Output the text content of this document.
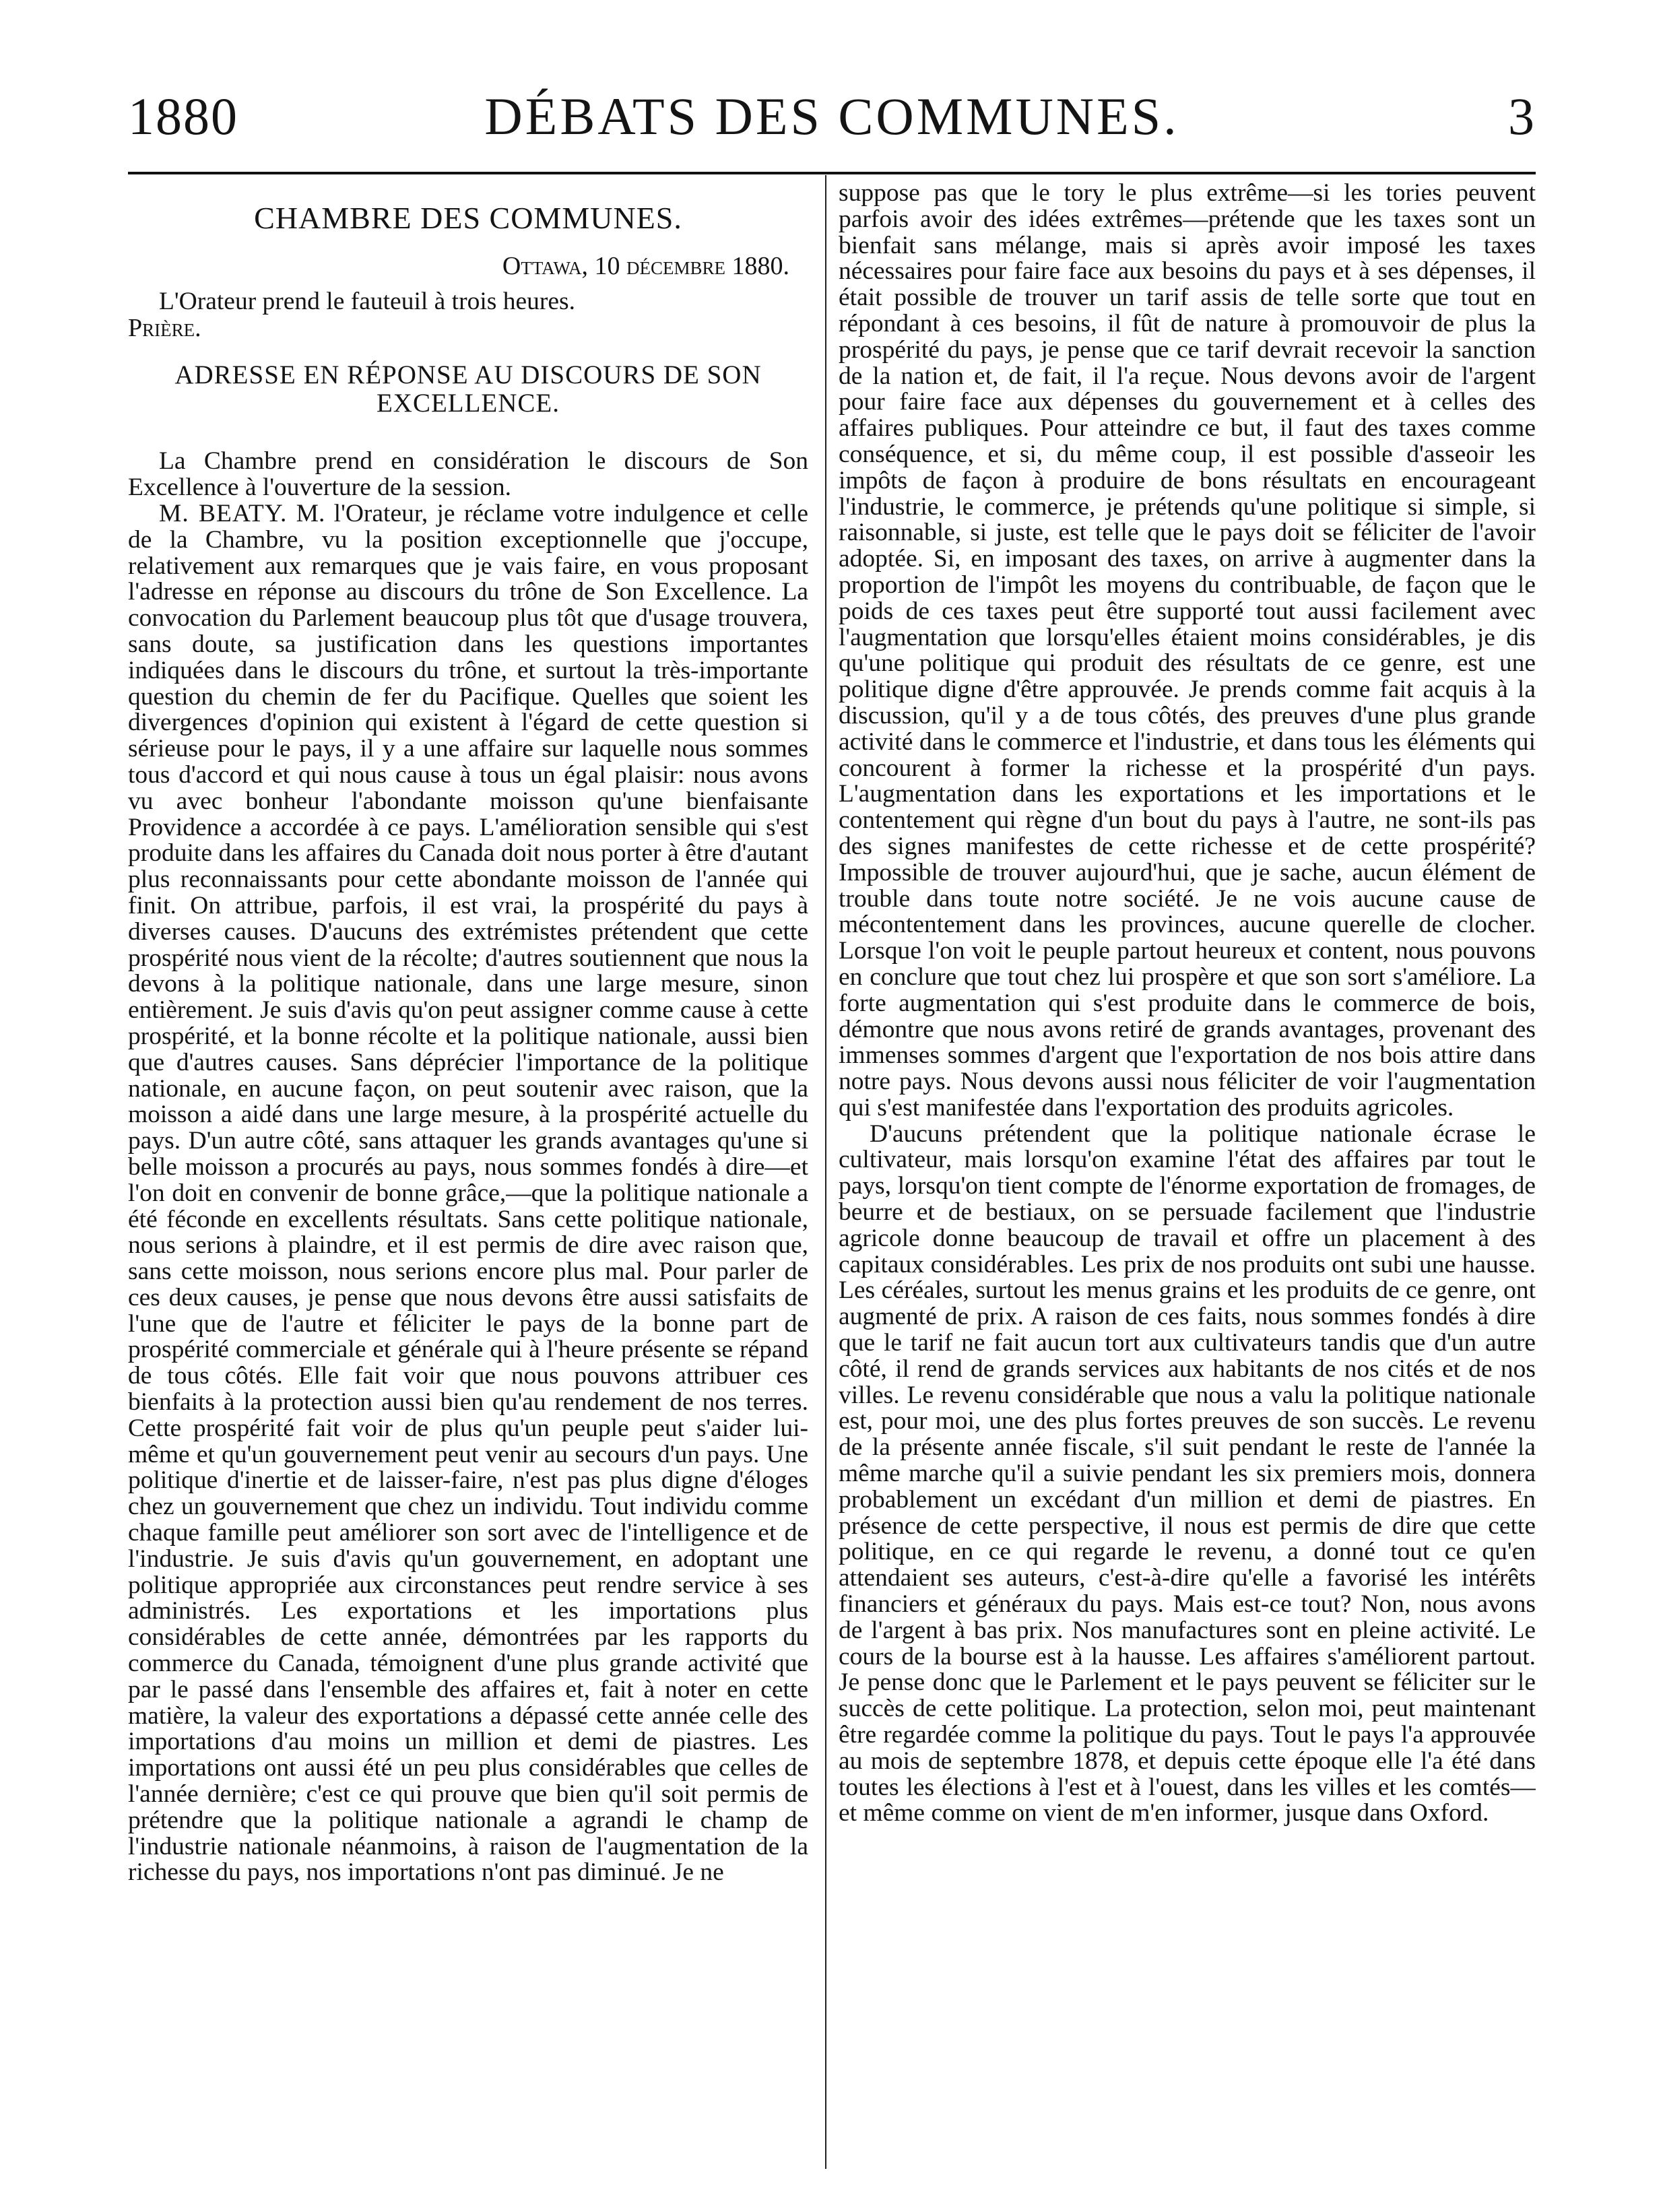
1880	DÉBATS DES COMMUNES.	3
CHAMBRE DES COMMUNES.
Ottawa, 10 décembre 1880.

L'Orateur prend le fauteuil à trois heures.

Prière.
ADRESSE EN RÉPONSE AU DISCOURS DE SON EXCELLENCE.

La Chambre prend en considération le discours de Son Excellence à l'ouverture de la session.

M. BEATY. M. l'Orateur, je réclame votre indulgence et celle de la Chambre, vu la position exceptionnelle que j'occupe, relativement aux remarques que je vais faire, en vous proposant l'adresse en réponse au discours du trône de Son Excellence. La convocation du Parlement beaucoup plus tôt que d'usage trouvera, sans doute, sa justification dans les questions importantes indiquées dans le discours du trône, et surtout la très-importante question du chemin de fer du Pacifique. Quelles que soient les divergences d'opinion qui existent à l'égard de cette question si sérieuse pour le pays, il y a une affaire sur laquelle nous sommes tous d'accord et qui nous cause à tous un égal plaisir: nous avons vu avec bonheur l'abondante moisson qu'une bienfaisante Providence a accordée à ce pays. L'amélioration sensible qui s'est produite dans les affaires du Canada doit nous porter à être d'autant plus reconnaissants pour cette abondante moisson de l'année qui finit. On attribue, parfois, il est vrai, la prospérité du pays à diverses causes. D'aucuns des extrémistes prétendent que cette prospérité nous vient de la récolte; d'autres soutiennent que nous la devons à la politique nationale, dans une large mesure, sinon entièrement. Je suis d'avis qu'on peut assigner comme cause à cette prospérité, et la bonne récolte et la politique nationale, aussi bien que d'autres causes. Sans déprécier l'importance de la politique nationale, en aucune façon, on peut soutenir avec raison, que la moisson a aidé dans une large mesure, à la prospérité actuelle du pays. D'un autre côté, sans attaquer les grands avantages qu'une si belle moisson a procurés au pays, nous sommes fondés à dire—et l'on doit en convenir de bonne grâce,—que la politique nationale a été féconde en excellents résultats. Sans cette politique nationale, nous serions à plaindre, et il est permis de dire avec raison que, sans cette moisson, nous serions encore plus mal. Pour parler de ces deux causes, je pense que nous devons être aussi satisfaits de l'une que de l'autre et féliciter le pays de la bonne part de prospérité commerciale et générale qui à l'heure présente se répand de tous côtés. Elle fait voir que nous pouvons attribuer ces bienfaits à la protection aussi bien qu'au rendement de nos terres. Cette prospérité fait voir de plus qu'un peuple peut s'aider lui-même et qu'un gouvernement peut venir au secours d'un pays. Une politique d'inertie et de laisser-faire, n'est pas plus digne d'éloges chez un gouvernement que chez un individu. Tout individu comme chaque famille peut améliorer son sort avec de l'intelligence et de l'industrie. Je suis d'avis qu'un gouvernement, en adoptant une politique appropriée aux circonstances peut rendre service à ses administrés. Les exportations et les importations plus considérables de cette année, démontrées par les rapports du commerce du Canada, témoignent d'une plus grande activité que par le passé dans l'ensemble des affaires et, fait à noter en cette matière, la valeur des exportations a dépassé cette année celle des importations d'au moins un million et demi de piastres. Les importations ont aussi été un peu plus considérables que celles de l'année dernière; c'est ce qui prouve que bien qu'il soit permis de prétendre que la politique nationale a agrandi le champ de l'industrie nationale néanmoins, à raison de l'augmentation de la richesse du pays, nos importations n'ont pas diminué. Je ne

suppose pas que le tory le plus extrême—si les tories peuvent parfois avoir des idées extrêmes—prétende que les taxes sont un bienfait sans mélange, mais si après avoir imposé les taxes nécessaires pour faire face aux besoins du pays et à ses dépenses, il était possible de trouver un tarif assis de telle sorte que tout en répondant à ces besoins, il fût de nature à promouvoir de plus la prospérité du pays, je pense que ce tarif devrait recevoir la sanction de la nation et, de fait, il l'a reçue. Nous devons avoir de l'argent pour faire face aux dépenses du gouvernement et à celles des affaires publiques. Pour atteindre ce but, il faut des taxes comme conséquence, et si, du même coup, il est possible d'asseoir les impôts de façon à produire de bons résultats en encourageant l'industrie, le commerce, je prétends qu'une politique si simple, si raisonnable, si juste, est telle que le pays doit se féliciter de l'avoir adoptée. Si, en imposant des taxes, on arrive à augmenter dans la proportion de l'impôt les moyens du contribuable, de façon que le poids de ces taxes peut être supporté tout aussi facilement avec l'augmentation que lorsqu'elles étaient moins considérables, je dis qu'une politique qui produit des résultats de ce genre, est une politique digne d'être approuvée. Je prends comme fait acquis à la discussion, qu'il y a de tous côtés, des preuves d'une plus grande activité dans le commerce et l'industrie, et dans tous les éléments qui concourent à former la richesse et la prospérité d'un pays. L'augmentation dans les exportations et les importations et le contentement qui règne d'un bout du pays à l'autre, ne sont-ils pas des signes manifestes de cette richesse et de cette prospérité? Impossible de trouver aujourd'hui, que je sache, aucun élément de trouble dans toute notre société. Je ne vois aucune cause de mécontentement dans les provinces, aucune querelle de clocher. Lorsque l'on voit le peuple partout heureux et content, nous pouvons en conclure que tout chez lui prospère et que son sort s'améliore. La forte augmentation qui s'est produite dans le commerce de bois, démontre que nous avons retiré de grands avantages, provenant des immenses sommes d'argent que l'exportation de nos bois attire dans notre pays. Nous devons aussi nous féliciter de voir l'augmentation qui s'est manifestée dans l'exportation des produits agricoles.

D'aucuns prétendent que la politique nationale écrase le cultivateur, mais lorsqu'on examine l'état des affaires par tout le pays, lorsqu'on tient compte de l'énorme exportation de fromages, de beurre et de bestiaux, on se persuade facilement que l'industrie agricole donne beaucoup de travail et offre un placement à des capitaux considérables. Les prix de nos produits ont subi une hausse. Les céréales, surtout les menus grains et les produits de ce genre, ont augmenté de prix. A raison de ces faits, nous sommes fondés à dire que le tarif ne fait aucun tort aux cultivateurs tandis que d'un autre côté, il rend de grands services aux habitants de nos cités et de nos villes. Le revenu considérable que nous a valu la politique nationale est, pour moi, une des plus fortes preuves de son succès. Le revenu de la présente année fiscale, s'il suit pendant le reste de l'année la même marche qu'il a suivie pendant les six premiers mois, donnera probablement un excédant d'un million et demi de piastres. En présence de cette perspective, il nous est permis de dire que cette politique, en ce qui regarde le revenu, a donné tout ce qu'en attendaient ses auteurs, c'est-à-dire qu'elle a favorisé les intérêts financiers et généraux du pays. Mais est-ce tout? Non, nous avons de l'argent à bas prix. Nos manufactures sont en pleine activité. Le cours de la bourse est à la hausse. Les affaires s'améliorent partout. Je pense donc que le Parlement et le pays peuvent se féliciter sur le succès de cette politique. La protection, selon moi, peut maintenant être regardée comme la politique du pays. Tout le pays l'a approuvée au mois de septembre 1878, et depuis cette époque elle l'a été dans toutes les élections à l'est et à l'ouest, dans les villes et les comtés—et même comme on vient de m'en informer, jusque dans Oxford.
